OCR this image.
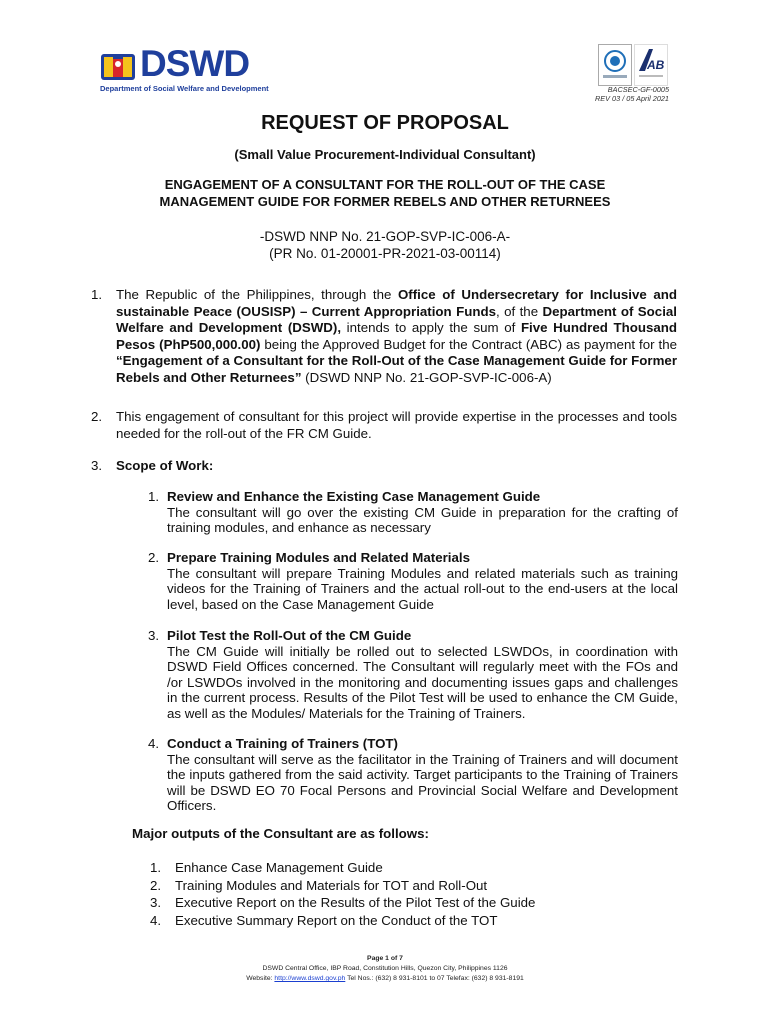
DSWD
Department of Social Welfare and Development
AB
BACSEC-GF-0005
REV 03 / 05 April 2021
REQUEST OF PROPOSAL
(Small Value Procurement-Individual Consultant)
ENGAGEMENT OF A CONSULTANT FOR THE ROLL-OUT OF THE CASE MANAGEMENT GUIDE FOR FORMER REBELS AND OTHER RETURNEES
-DSWD NNP No. 21-GOP-SVP-IC-006-A-
(PR No. 01-20001-PR-2021-03-00114)
1. The Republic of the Philippines, through the Office of Undersecretary for Inclusive and sustainable Peace (OUSISP) – Current Appropriation Funds, of the Department of Social Welfare and Development (DSWD), intends to apply the sum of Five Hundred Thousand Pesos (PhP500,000.00) being the Approved Budget for the Contract (ABC) as payment for the “Engagement of a Consultant for the Roll-Out of the Case Management Guide for Former Rebels and Other Returnees” (DSWD NNP No. 21-GOP-SVP-IC-006-A)
2. This engagement of consultant for this project will provide expertise in the processes and tools needed for the roll-out of the FR CM Guide.
3. Scope of Work:
1. Review and Enhance the Existing Case Management Guide
The consultant will go over the existing CM Guide in preparation for the crafting of training modules, and enhance as necessary
2. Prepare Training Modules and Related Materials
The consultant will prepare Training Modules and related materials such as training videos for the Training of Trainers and the actual roll-out to the end-users at the local level, based on the Case Management Guide
3. Pilot Test the Roll-Out of the CM Guide
The CM Guide will initially be rolled out to selected LSWDOs, in coordination with DSWD Field Offices concerned. The Consultant will regularly meet with the FOs and /or LSWDOs involved in the monitoring and documenting issues gaps and challenges in the current process. Results of the Pilot Test will be used to enhance the CM Guide, as well as the Modules/ Materials for the Training of Trainers.
4. Conduct a Training of Trainers (TOT)
The consultant will serve as the facilitator in the Training of Trainers and will document the inputs gathered from the said activity. Target participants to the Training of Trainers will be DSWD EO 70 Focal Persons and Provincial Social Welfare and Development Officers.
Major outputs of the Consultant are as follows:
1. Enhance Case Management Guide
2. Training Modules and Materials for TOT and Roll-Out
3. Executive Report on the Results of the Pilot Test of the Guide
4. Executive Summary Report on the Conduct of the TOT
Page 1 of 7
DSWD Central Office, IBP Road, Constitution Hills, Quezon City, Philippines 1126
Website: http://www.dswd.gov.ph Tel Nos.: (632) 8 931-8101 to 07 Telefax: (632) 8 931-8191
